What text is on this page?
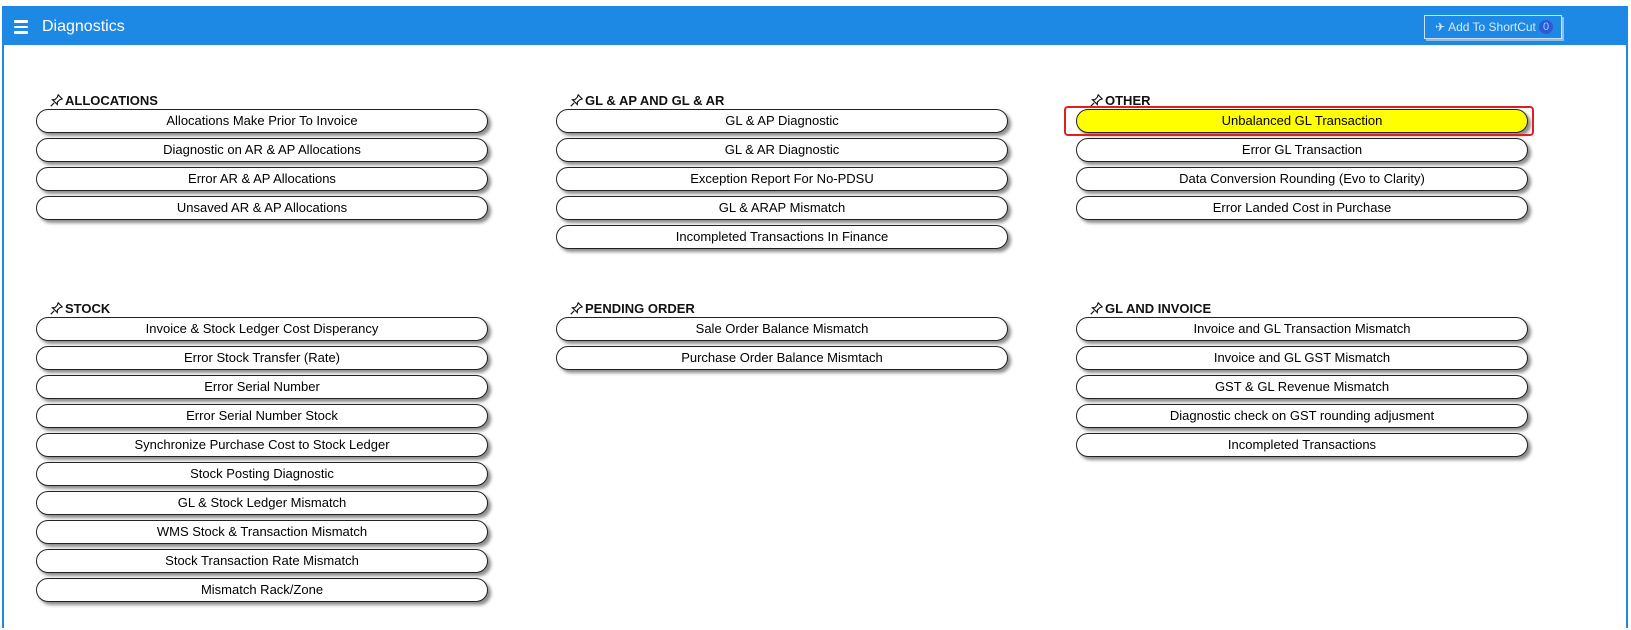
Diagnostics	✈ Add To ShortCut 0
ALLOCATIONS
Allocations Make Prior To Invoice
Diagnostic on AR & AP Allocations
Error AR & AP Allocations
Unsaved AR & AP Allocations
GL & AP AND GL & AR
GL & AP Diagnostic
GL & AR Diagnostic
Exception Report For No-PDSU
GL & ARAP Mismatch
Incompleted Transactions In Finance
OTHER
Unbalanced GL Transaction
Error GL Transaction
Data Conversion Rounding (Evo to Clarity)
Error Landed Cost in Purchase
STOCK
Invoice & Stock Ledger Cost Disperancy
Error Stock Transfer (Rate)
Error Serial Number
Error Serial Number Stock
Synchronize Purchase Cost to Stock Ledger
Stock Posting Diagnostic
GL & Stock Ledger Mismatch
WMS Stock & Transaction Mismatch
Stock Transaction Rate Mismatch
Mismatch Rack/Zone
PENDING ORDER
Sale Order Balance Mismatch
Purchase Order Balance Mismtach
GL AND INVOICE
Invoice and GL Transaction Mismatch
Invoice and GL GST Mismatch
GST & GL Revenue Mismatch
Diagnostic check on GST rounding adjusment
Incompleted Transactions
